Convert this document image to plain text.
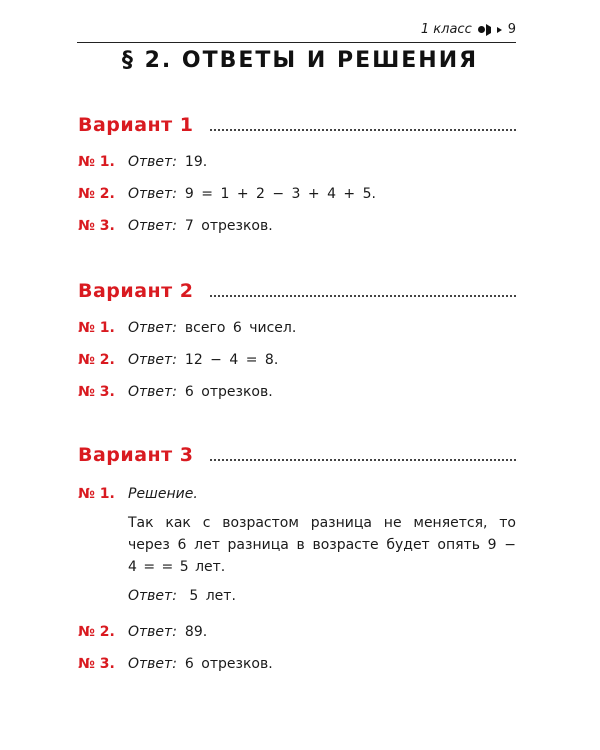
1 класс	9
§ 2. ОТВЕТЫ И РЕШЕНИЯ
Вариант 1
№ 1. Ответ: 19.
№ 2. Ответ: 9 = 1 + 2 − 3 + 4 + 5.
№ 3. Ответ: 7 отрезков.
Вариант 2
№ 1. Ответ: всего 6 чисел.
№ 2. Ответ: 12 − 4 = 8.
№ 3. Ответ: 6 отрезков.
Вариант 3
№ 1. Решение.
Так как с возрастом разница не меняется, то через 6 лет разница в возрасте будет опять 9 − 4 = = 5 лет.
Ответ: 5 лет.
№ 2. Ответ: 89.
№ 3. Ответ: 6 отрезков.
